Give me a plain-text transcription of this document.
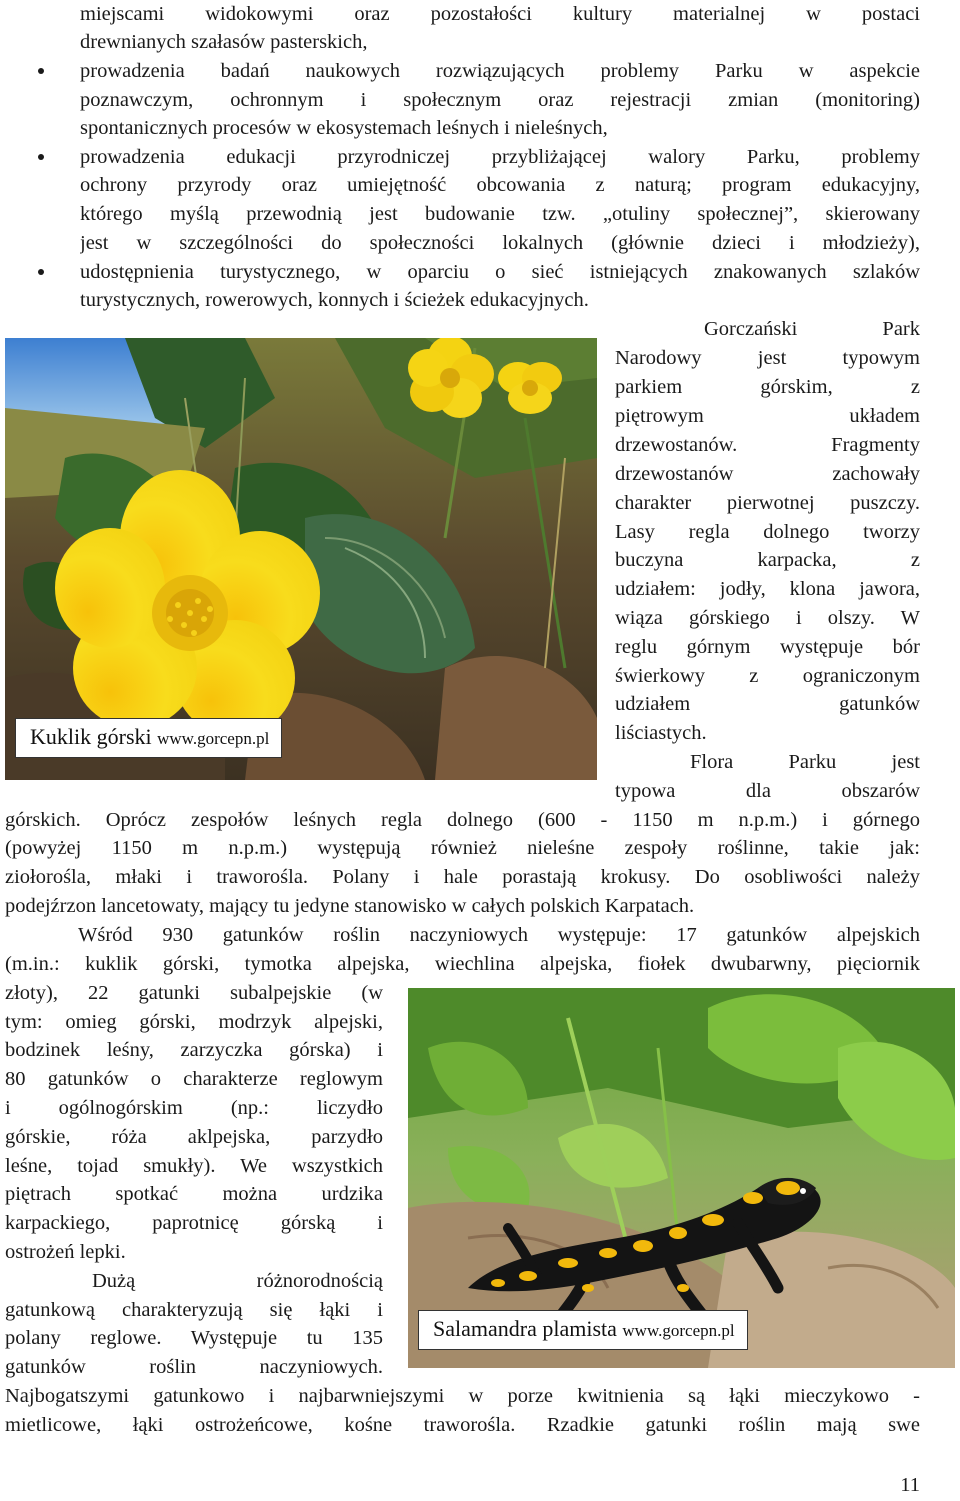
miejscami widokowymi oraz pozostałości kultury materialnej w postaci
drewnianych szałasów pasterskich,
prowadzenia badań naukowych rozwiązujących problemy Parku w aspekcie
poznawczym, ochronnym i społecznym oraz rejestracji zmian (monitoring)
spontanicznych procesów w ekosystemach leśnych i nieleśnych,
prowadzenia edukacji przyrodniczej przybliżającej walory Parku, problemy
ochrony przyrody oraz umiejętność obcowania z naturą; program edukacyjny,
którego myślą przewodnią jest budowanie tzw. „otuliny społecznej”, skierowany
jest w szczególności do społeczności lokalnych (głównie dzieci i młodzieży),
udostępnienia turystycznego, w oparciu o sieć istniejących znakowanych szlaków
turystycznych, rowerowych, konnych i ścieżek edukacyjnych.
Kuklik górski www.gorcepn.pl
Gorczański Park
Narodowy jest typowym
parkiem górskim, z
piętrowym układem
drzewostanów. Fragmenty
drzewostanów zachowały
charakter pierwotnej puszczy.
Lasy regla dolnego tworzy
buczyna karpacka, z
udziałem: jodły, klona jawora,
wiąza górskiego i olszy. W
reglu górnym występuje bór
świerkowy z ograniczonym
udziałem gatunków
liściastych.
Flora Parku jest
typowa dla obszarów
górskich. Oprócz zespołów leśnych regla dolnego (600 - 1150 m n.p.m.) i górnego
(powyżej 1150 m n.p.m.) występują również nieleśne zespoły roślinne, takie jak:
ziołorośla, młaki i traworośla. Polany i hale porastają krokusy. Do osobliwości należy
podejźrzon lancetowaty, mający tu jedyne stanowisko w całych polskich Karpatach.
Wśród 930 gatunków roślin naczyniowych występuje: 17 gatunków alpejskich
(m.in.: kuklik górski, tymotka alpejska, wiechlina alpejska, fiołek dwubarwny, pięciornik
złoty), 22 gatunki subalpejskie (w
tym: omieg górski, modrzyk alpejski,
bodzinek leśny, zarzyczka górska) i
80 gatunków o charakterze reglowym
i ogólnogórskim (np.: liczydło
górskie, róża aklpejska, parzydło
leśne, tojad smukły). We wszystkich
piętrach spotkać można urdzika
karpackiego, paprotnicę górską i
ostrożeń lepki.
Dużą różnorodnością
gatunkową charakteryzują się łąki i
polany reglowe. Występuje tu 135
gatunków roślin naczyniowych.
Salamandra plamista www.gorcepn.pl
Najbogatszymi gatunkowo i najbarwniejszymi w porze kwitnienia są łąki mieczykowo -
mietlicowe, łąki ostrożeńcowe, kośne traworośla. Rzadkie gatunki roślin mają swe
11
